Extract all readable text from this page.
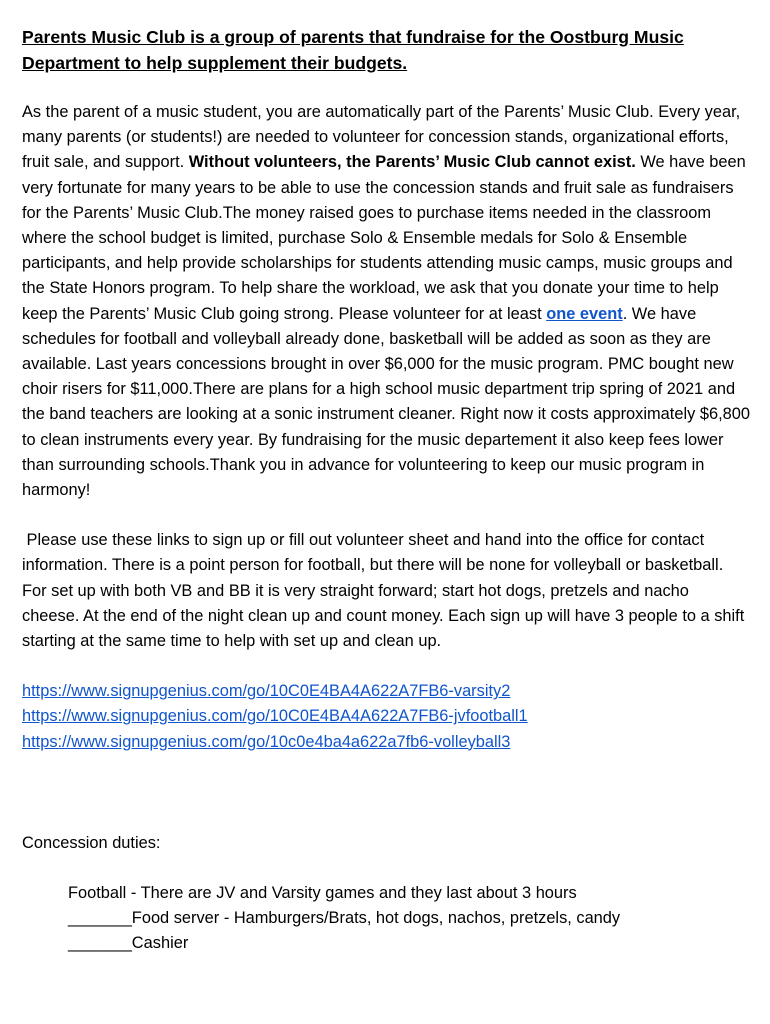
Parents Music Club is a group of parents that fundraise for the Oostburg Music Department to help supplement their budgets.

As the parent of a music student, you are automatically part of the Parents’ Music Club. Every year, many parents (or students!) are needed to volunteer for concession stands, organizational efforts, fruit sale, and support. Without volunteers, the Parents’ Music Club cannot exist. We have been very fortunate for many years to be able to use the concession stands and fruit sale as fundraisers for the Parents’ Music Club.The money raised goes to purchase items needed in the classroom where the school budget is limited, purchase Solo & Ensemble medals for Solo & Ensemble participants, and help provide scholarships for students attending music camps, music groups and the State Honors program. To help share the workload, we ask that you donate your time to help keep the Parents’ Music Club going strong. Please volunteer for at least one event. We have schedules for football and volleyball already done, basketball will be added as soon as they are available. Last years concessions brought in over $6,000 for the music program. PMC bought new choir risers for $11,000.There are plans for a high school music department trip spring of 2021 and the band teachers are looking at a sonic instrument cleaner. Right now it costs approximately $6,800 to clean instruments every year. By fundraising for the music departement it also keep fees lower than surrounding schools.Thank you in advance for volunteering to keep our music program in harmony!

Please use these links to sign up or fill out volunteer sheet and hand into the office for contact information. There is a point person for football, but there will be none for volleyball or basketball. For set up with both VB and BB it is very straight forward; start hot dogs, pretzels and nacho cheese. At the end of the night clean up and count money. Each sign up will have 3 people to a shift starting at the same time to help with set up and clean up.

https://www.signupgenius.com/go/10C0E4BA4A622A7FB6-varsity2
https://www.signupgenius.com/go/10C0E4BA4A622A7FB6-jvfootball1
https://www.signupgenius.com/go/10c0e4ba4a622a7fb6-volleyball3

Concession duties:

Football - There are JV and Varsity games and they last about 3 hours

_______Food server - Hamburgers/Brats, hot dogs, nachos, pretzels, candy

_______Cashier
